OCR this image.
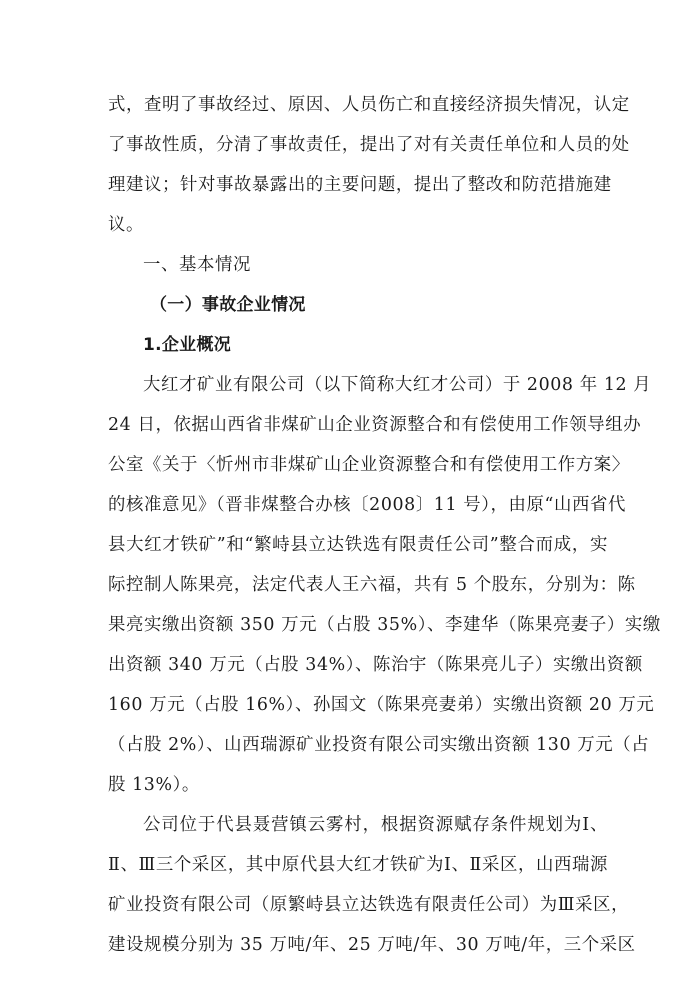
式，查明了事故经过、原因、人员伤亡和直接经济损失情况，认定
了事故性质，分清了事故责任，提出了对有关责任单位和人员的处
理建议；针对事故暴露出的主要问题，提出了整改和防范措施建
议。
一、基本情况
（一）事故企业情况
1.企业概况
大红才矿业有限公司（以下简称大红才公司）于 2008 年 12 月
24 日，依据山西省非煤矿山企业资源整合和有偿使用工作领导组办
公室《关于〈忻州市非煤矿山企业资源整合和有偿使用工作方案〉
的核准意见》（晋非煤整合办核〔2008〕11 号），由原“山西省代
县大红才铁矿”和“繁峙县立达铁选有限责任公司”整合而成，实
际控制人陈果亮，法定代表人王六福，共有 5 个股东，分别为：陈
果亮实缴出资额 350 万元（占股 35%）、李建华（陈果亮妻子）实缴
出资额 340 万元（占股 34%）、陈治宇（陈果亮儿子）实缴出资额
160 万元（占股 16%）、孙国文（陈果亮妻弟）实缴出资额 20 万元
（占股 2%）、山西瑞源矿业投资有限公司实缴出资额 130 万元（占
股 13%）。
公司位于代县聂营镇云雾村，根据资源赋存条件规划为Ⅰ、
Ⅱ、Ⅲ三个采区，其中原代县大红才铁矿为Ⅰ、Ⅱ采区，山西瑞源
矿业投资有限公司（原繁峙县立达铁选有限责任公司）为Ⅲ采区，
建设规模分别为 35 万吨/年、25 万吨/年、30 万吨/年，三个采区
